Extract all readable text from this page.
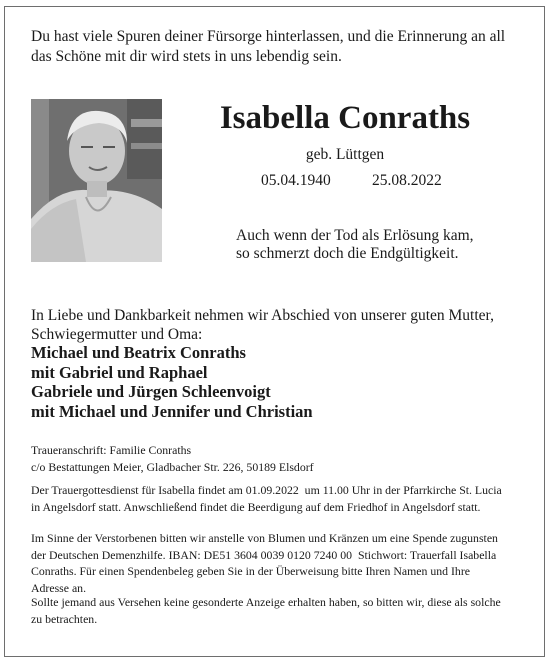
Du hast viele Spuren deiner Fürsorge hinterlassen, und die Erinnerung an all
das Schöne mit dir wird stets in uns lebendig sein.
Isabella Conraths
geb. Lüttgen
05.04.1940	25.08.2022
Auch wenn der Tod als Erlösung kam,
so schmerzt doch die Endgültigkeit.
In Liebe und Dankbarkeit nehmen wir Abschied von unserer guten Mutter,
Schwiegermutter und Oma:
Michael und Beatrix Conraths
mit Gabriel und Raphael
Gabriele und Jürgen Schleenvoigt
mit Michael und Jennifer und Christian
Traueranschrift: Familie Conraths
c/o Bestattungen Meier, Gladbacher Str. 226, 50189 Elsdorf
Der Trauergottesdienst für Isabella findet am 01.09.2022  um 11.00 Uhr in der Pfarrkirche St. Lucia
in Angelsdorf statt. Anwschließend findet die Beerdigung auf dem Friedhof in Angelsdorf statt.
Im Sinne der Verstorbenen bitten wir anstelle von Blumen und Kränzen um eine Spende zugunsten
der Deutschen Demenzhilfe. IBAN: DE51 3604 0039 0120 7240 00  Stichwort: Trauerfall Isabella
Conraths. Für einen Spendenbeleg geben Sie in der Überweisung bitte Ihren Namen und Ihre
Adresse an.
Sollte jemand aus Versehen keine gesonderte Anzeige erhalten haben, so bitten wir, diese als solche
zu betrachten.
